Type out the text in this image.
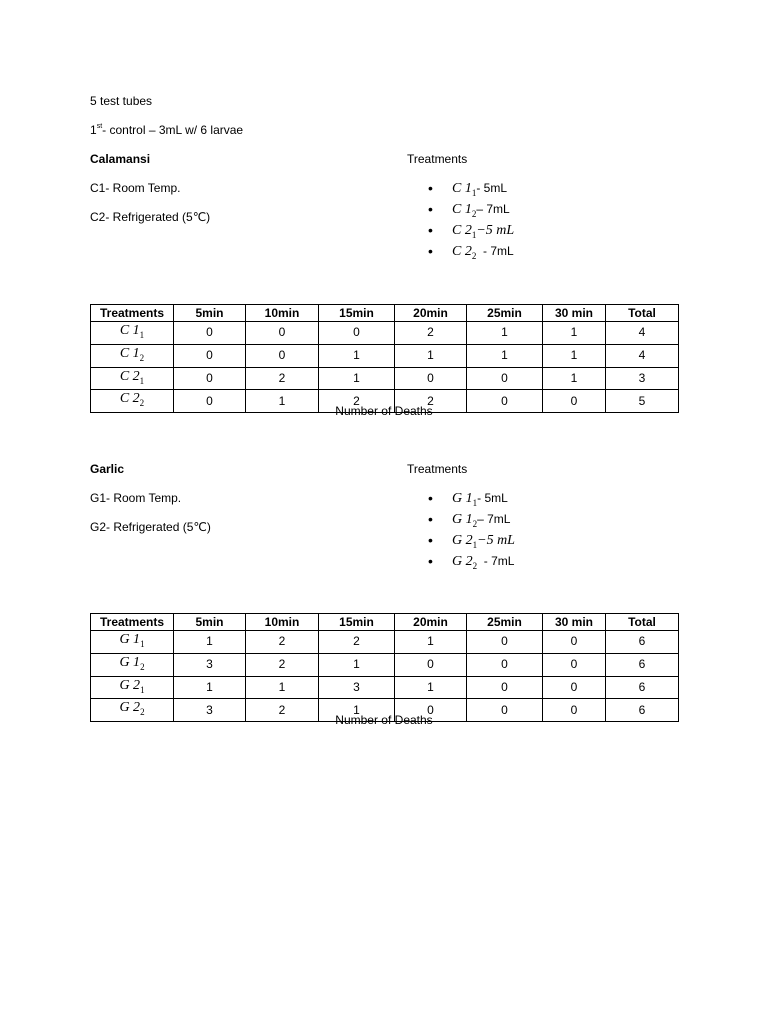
5 test tubes
1st- control – 3mL w/ 6 larvae
Calamansi
C1- Room Temp.
C2- Refrigerated (5℃)
Treatments
• C $1_1-$ 5mL
• C $1_2-$ 7mL
• C $2_1-5$ mL
• C $2_2 - 7mL$
Treatments	5min	10min	15min	20min	25min	30 min	Total
C $1_1$	0	0	0	2	1	1	4
C $1_2$	0	0	1	1	1	1	4
C $2_1$	0	2	1	0	0	1	3
C $2_2$	0	1	2	2	0	0	5
Number of Deaths
Garlic
G1- Room Temp.
G2- Refrigerated (5℃)
Treatments
• G $1_1-$ 5mL
• G $1_2-$ 7mL
• G $2_1-5$ mL
• G $2_2 - 7mL$
Treatments	5min	10min	15min	20min	25min	30 min	Total
G $1_1$	1	2	2	1	0	0	6
G $1_2$	3	2	1	0	0	0	6
G $2_1$	1	1	3	1	0	0	6
G $2_2$	3	2	1	0	0	0	6
Number of Deaths
